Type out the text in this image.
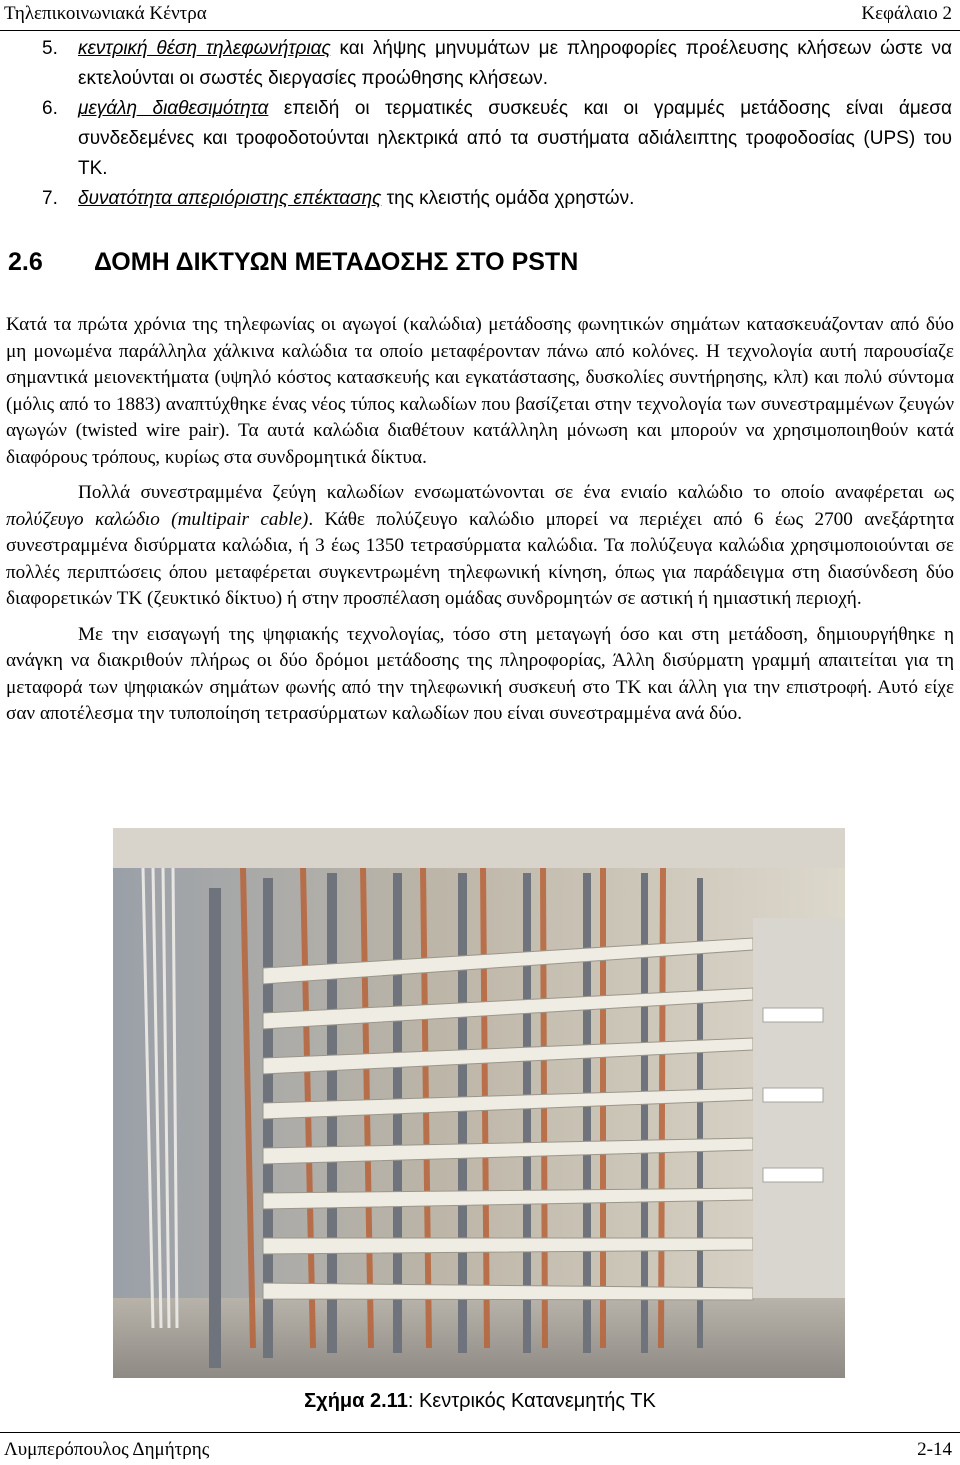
Τηλεπικοινωνιακά Κέντρα	Κεφάλαιο 2
5. κεντρική θέση τηλεφωνήτριας και λήψης μηνυμάτων με πληροφορίες προέλευσης κλήσεων ώστε να εκτελούνται οι σωστές διεργασίες προώθησης κλήσεων.
6. μεγάλη διαθεσιμότητα επειδή οι τερματικές συσκευές και οι γραμμές μετάδοσης είναι άμεσα συνδεδεμένες και τροφοδοτούνται ηλεκτρικά από τα συστήματα αδιάλειπτης τροφοδοσίας (UPS) του ΤΚ.
7. δυνατότητα απεριόριστης επέκτασης της κλειστής ομάδα χρηστών.
2.6 ΔΟΜΗ ΔΙΚΤΥΩΝ ΜΕΤΑΔΟΣΗΣ ΣΤΟ PSTN

Κατά τα πρώτα χρόνια της τηλεφωνίας οι αγωγοί (καλώδια) μετάδοσης φωνητικών σημάτων κατασκευάζονταν από δύο μη μονωμένα παράλληλα χάλκινα καλώδια τα οποίο μεταφέρονταν πάνω από κολόνες. Η τεχνολογία αυτή παρουσίαζε σημαντικά μειονεκτήματα (υψηλό κόστος κατασκευής και εγκατάστασης, δυσκολίες συντήρησης, κλπ) και πολύ σύντομα (μόλις από το 1883) αναπτύχθηκε ένας νέος τύπος καλωδίων που βασίζεται στην τεχνολογία των συνεστραμμένων ζευγών αγωγών (twisted wire pair). Τα αυτά καλώδια διαθέτουν κατάλληλη μόνωση και μπορούν να χρησιμοποιηθούν κατά διαφόρους τρόπους, κυρίως στα συνδρομητικά δίκτυα.

Πολλά συνεστραμμένα ζεύγη καλωδίων ενσωματώνονται σε ένα ενιαίο καλώδιο το οποίο αναφέρεται ως πολύζευγο καλώδιο (multipair cable). Κάθε πολύζευγο καλώδιο μπορεί να περιέχει από 6 έως 2700 ανεξάρτητα συνεστραμμένα δισύρματα καλώδια, ή 3 έως 1350 τετρασύρματα καλώδια. Τα πολύζευγα καλώδια χρησιμοποιούνται σε πολλές περιπτώσεις όπου μεταφέρεται συγκεντρωμένη τηλεφωνική κίνηση, όπως για παράδειγμα στη διασύνδεση δύο διαφορετικών ΤΚ (ζευκτικό δίκτυο) ή στην προσπέλαση ομάδας συνδρομητών σε αστική ή ημιαστική περιοχή.

Με την εισαγωγή της ψηφιακής τεχνολογίας, τόσο στη μεταγωγή όσο και στη μετάδοση, δημιουργήθηκε η ανάγκη να διακριθούν πλήρως οι δύο δρόμοι μετάδοσης της πληροφορίας, Άλλη δισύρματη γραμμή απαιτείται για τη μεταφορά των ψηφιακών σημάτων φωνής από την τηλεφωνική συσκευή στο ΤΚ και άλλη για την επιστροφή. Αυτό είχε σαν αποτέλεσμα την τυποποίηση τετρασύρματων καλωδίων που είναι συνεστραμμένα ανά δύο.

Σχήμα 2.11: Κεντρικός Κατανεμητής ΤΚ
Λυμπερόπουλος Δημήτρης	2-14
